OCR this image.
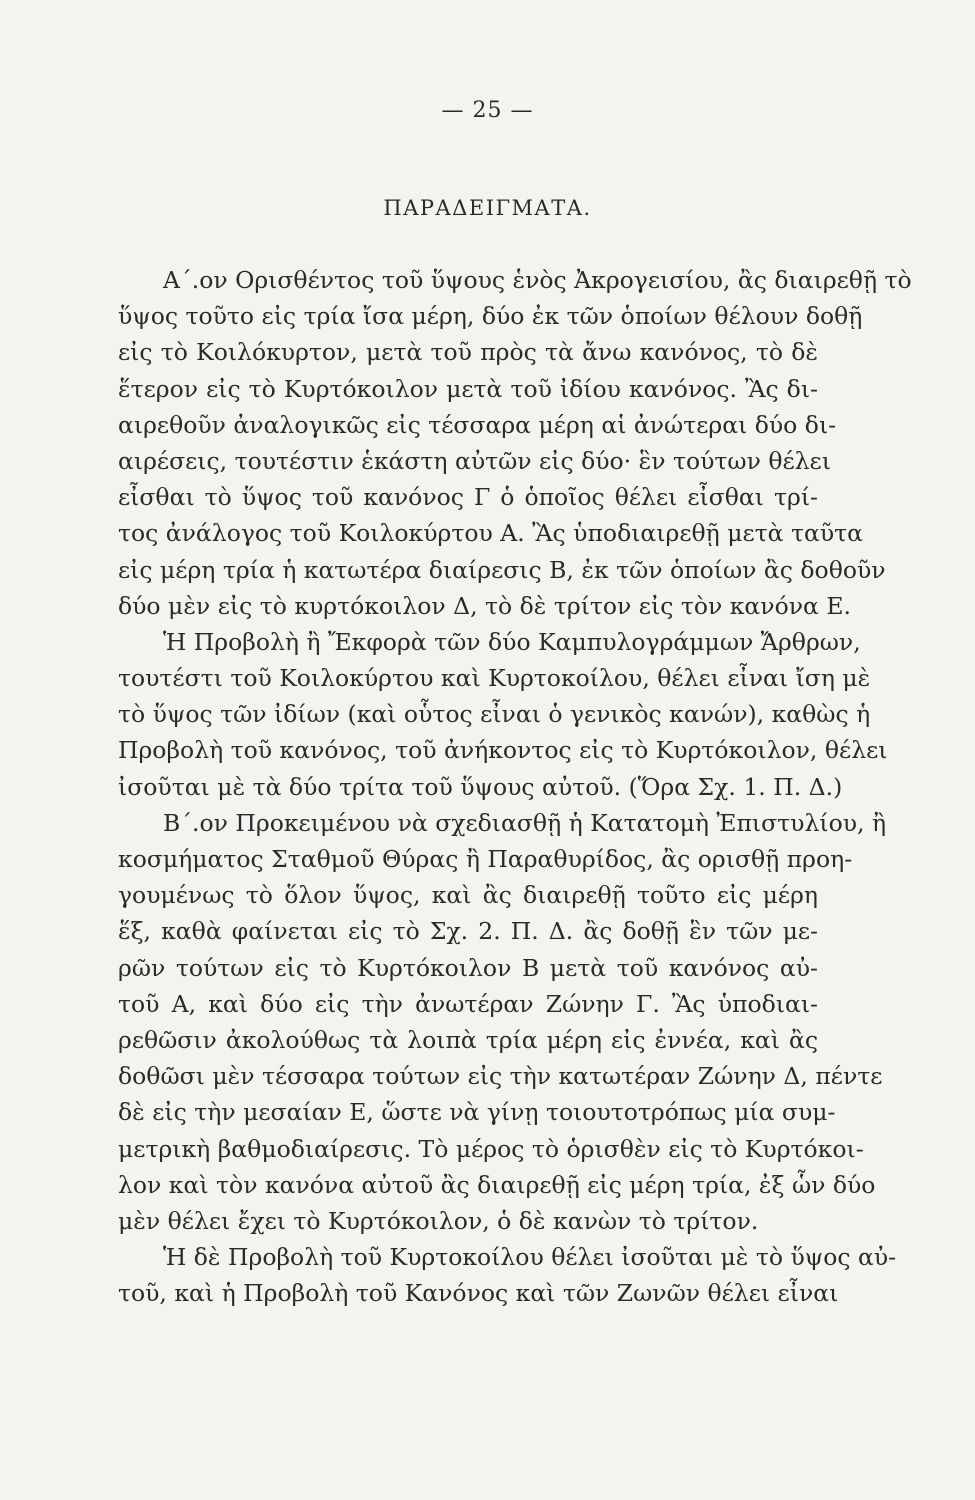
— 25 —
ΠΑΡΑΔΕΙΓΜΑΤΑ.
Α΄.ον Ορισθέντος τοῦ ὕψους ἑνὸς Ἀκρογεισίου, ἂς διαιρεθῇ τὸ
ὕψος τοῦτο εἰς τρία ἴσα μέρη, δύο ἐκ τῶν ὁποίων θέλουν δοθῇ
εἰς τὸ Κοιλόκυρτον, μετὰ τοῦ πρὸς τὰ ἄνω κανόνος, τὸ δὲ
ἕτερον εἰς τὸ Κυρτόκοιλον μετὰ τοῦ ἰδίου κανόνος. Ἂς δι-
αιρεθοῦν ἀναλογικῶς εἰς τέσσαρα μέρη αἱ ἀνώτεραι δύο δι-
αιρέσεις, τουτέστιν ἑκάστη αὐτῶν εἰς δύο· ἓν τούτων θέλει
εἶσθαι τὸ ὕψος τοῦ κανόνος Γ ὁ ὁποῖος θέλει εἶσθαι τρί-
τος ἀνάλογος τοῦ Κοιλοκύρτου Α. Ἂς ὑποδιαιρεθῇ μετὰ ταῦτα
εἰς μέρη τρία ἡ κατωτέρα διαίρεσις Β, ἐκ τῶν ὁποίων ἂς δοθοῦν
δύο μὲν εἰς τὸ κυρτόκοιλον Δ, τὸ δὲ τρίτον εἰς τὸν κανόνα Ε.
Ἡ Προβολὴ ἢ Ἔκφορὰ τῶν δύο Καμπυλογράμμων Ἄρθρων,
τουτέστι τοῦ Κοιλοκύρτου καὶ Κυρτοκοίλου, θέλει εἶναι ἴση μὲ
τὸ ὕψος τῶν ἰδίων (καὶ οὗτος εἶναι ὁ γενικὸς κανών), καθὼς ἡ
Προβολὴ τοῦ κανόνος, τοῦ ἀνήκοντος εἰς τὸ Κυρτόκοιλον, θέλει
ἰσοῦται μὲ τὰ δύο τρίτα τοῦ ὕψους αὐτοῦ. (Ὅρα Σχ. 1. Π. Δ.)
Β΄.ον Προκειμένου νὰ σχεδιασθῇ ἡ Κατατομὴ Ἐπιστυλίου, ἢ
κοσμήματος Σταθμοῦ Θύρας ἢ Παραθυρίδος, ἂς ορισθῇ προη-
γουμένως τὸ ὅλον ὕψος, καὶ ἂς διαιρεθῇ τοῦτο εἰς μέρη
ἕξ, καθὰ φαίνεται εἰς τὸ Σχ. 2. Π. Δ. ἂς δοθῇ ἓν τῶν με-
ρῶν τούτων εἰς τὸ Κυρτόκοιλον Β μετὰ τοῦ κανόνος αὐ-
τοῦ Α, καὶ δύο εἰς τὴν ἀνωτέραν Ζώνην Γ. Ἂς ὑποδιαι-
ρεθῶσιν ἀκολούθως τὰ λοιπὰ τρία μέρη εἰς ἐννέα, καὶ ἂς
δοθῶσι μὲν τέσσαρα τούτων εἰς τὴν κατωτέραν Ζώνην Δ, πέντε
δὲ εἰς τὴν μεσαίαν Ε, ὥστε νὰ γίνῃ τοιουτοτρόπως μία συμ-
μετρικὴ βαθμοδιαίρεσις. Τὸ μέρος τὸ ὁρισθὲν εἰς τὸ Κυρτόκοι-
λον καὶ τὸν κανόνα αὐτοῦ ἂς διαιρεθῇ εἰς μέρη τρία, ἐξ ὧν δύο
μὲν θέλει ἔχει τὸ Κυρτόκοιλον, ὁ δὲ κανὼν τὸ τρίτον.
Ἡ δὲ Προβολὴ τοῦ Κυρτοκοίλου θέλει ἰσοῦται μὲ τὸ ὕψος αὐ-
τοῦ, καὶ ἡ Προβολὴ τοῦ Κανόνος καὶ τῶν Ζωνῶν θέλει εἶναι
